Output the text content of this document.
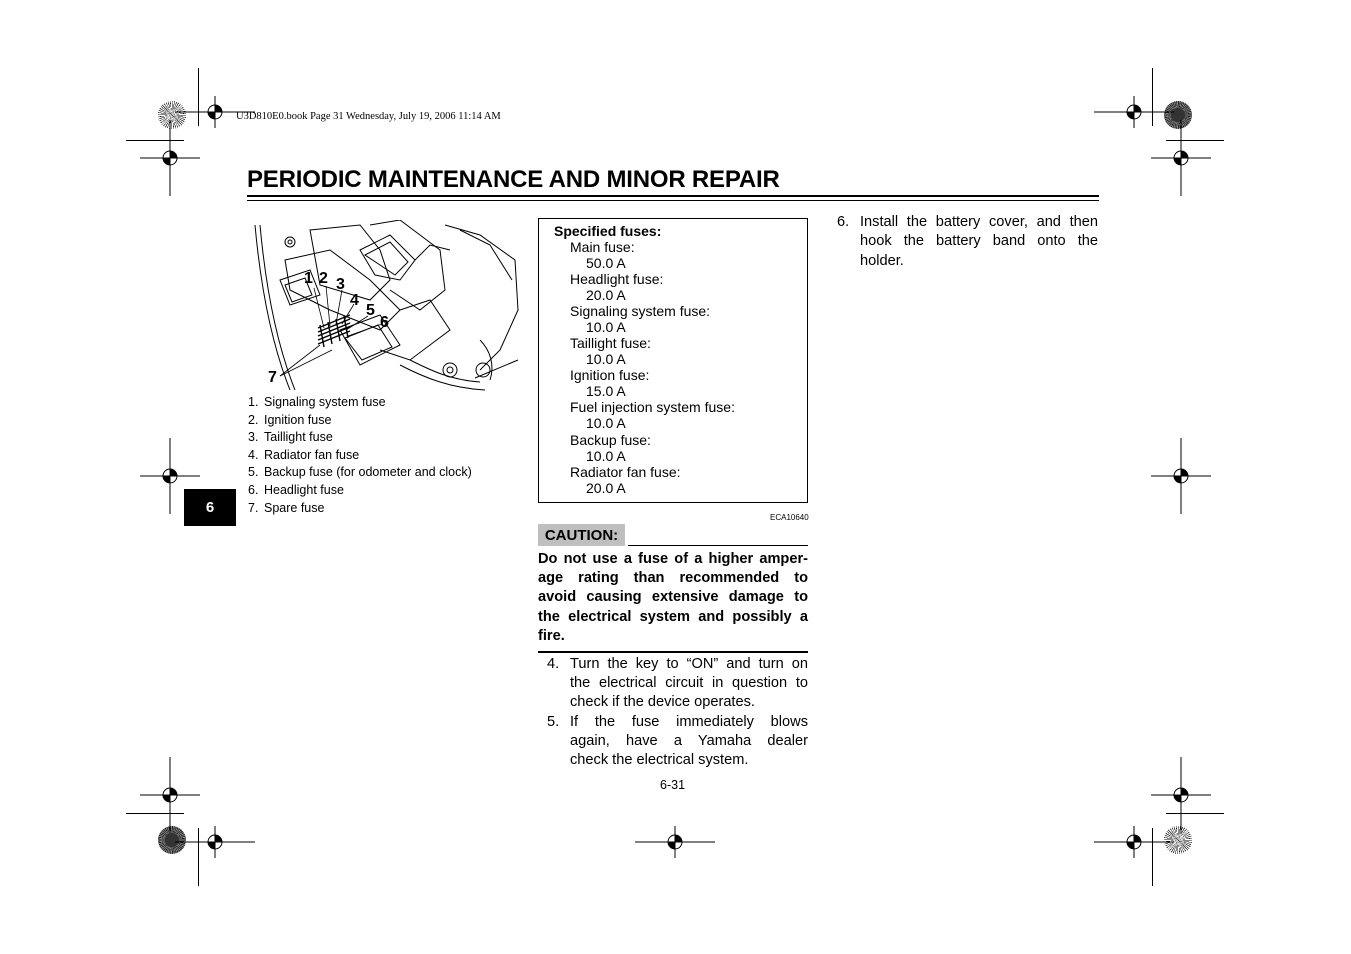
U3D810E0.book Page 31 Wednesday, July 19, 2006 11:14 AM
PERIODIC MAINTENANCE AND MINOR REPAIR
1 2 3
4
5
6
7
1. Signaling system fuse
2. Ignition fuse
3. Taillight fuse
4. Radiator fan fuse
5. Backup fuse (for odometer and clock)
6. Headlight fuse
7. Spare fuse
6
Specified fuses:
Main fuse:
50.0 A
Headlight fuse:
20.0 A
Signaling system fuse:
10.0 A
Taillight fuse:
10.0 A
Ignition fuse:
15.0 A
Fuel injection system fuse:
10.0 A
Backup fuse:
10.0 A
Radiator fan fuse:
20.0 A
ECA10640
CAUTION:
Do not use a fuse of a higher amper-
age rating than recommended to
avoid causing extensive damage to
the electrical system and possibly a
fire.
4. Turn the key to “ON” and turn on
the electrical circuit in question to
check if the device operates.
5. If the fuse immediately blows
again, have a Yamaha dealer
check the electrical system.
6. Install the battery cover, and then
hook the battery band onto the
holder.
6-31
